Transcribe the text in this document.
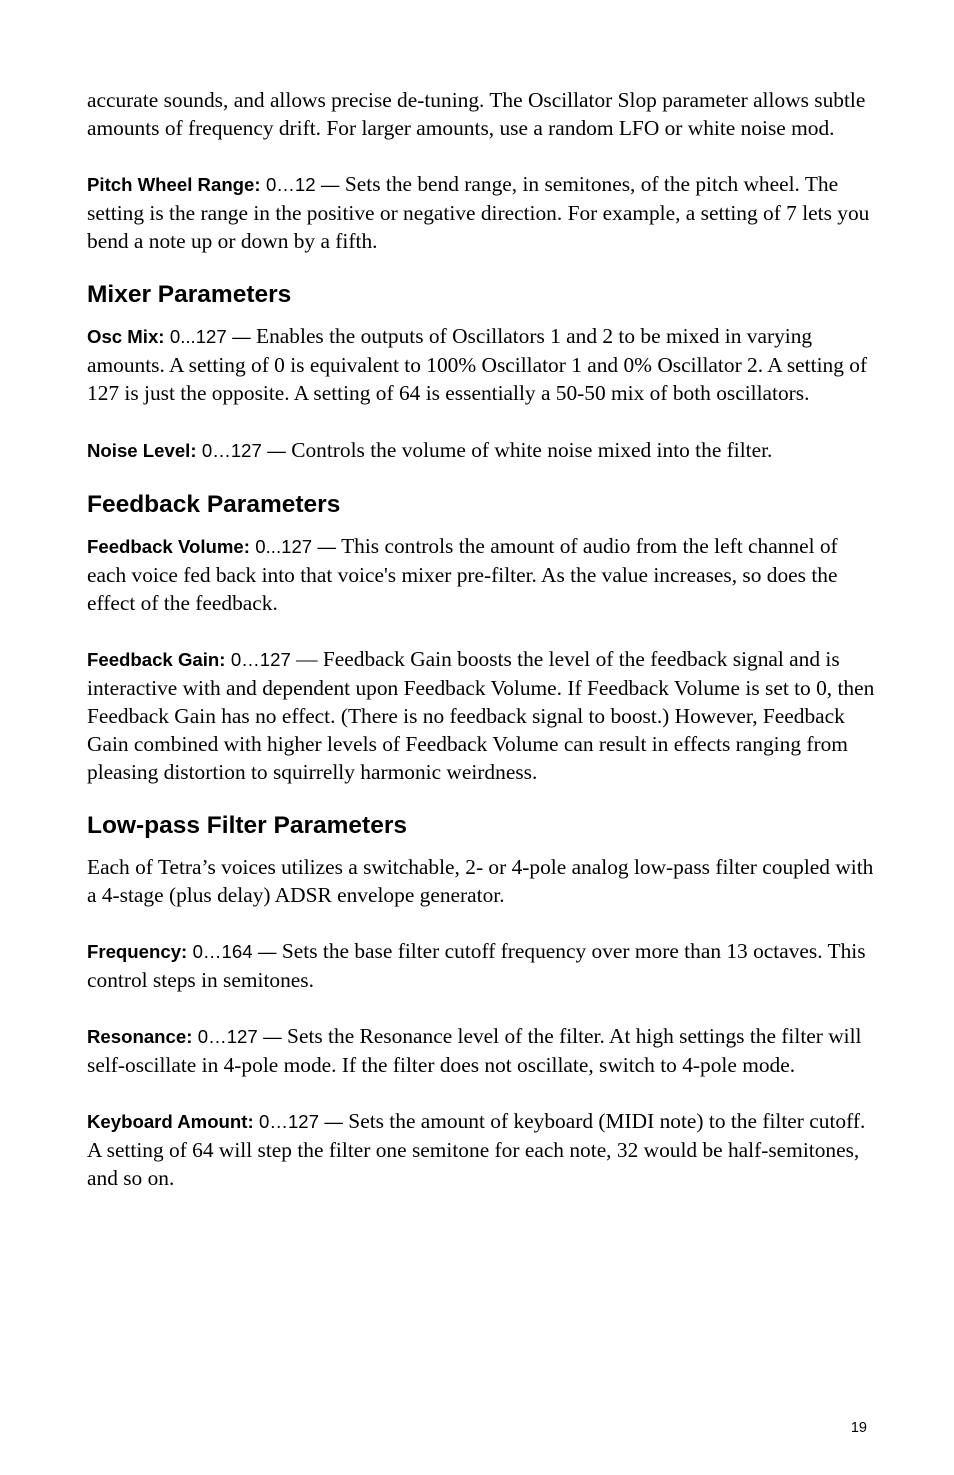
accurate sounds, and allows precise de-tuning. The Oscillator Slop parameter allows subtle amounts of frequency drift. For larger amounts, use a random LFO or white noise mod.

Pitch Wheel Range: 0…12 — Sets the bend range, in semitones, of the pitch wheel. The setting is the range in the positive or negative direction. For example, a setting of 7 lets you bend a note up or down by a fifth.

Mixer Parameters

Osc Mix: 0...127 — Enables the outputs of Oscillators 1 and 2 to be mixed in varying amounts. A setting of 0 is equivalent to 100% Oscillator 1 and 0% Oscillator 2. A setting of 127 is just the opposite. A setting of 64 is essentially a 50-50 mix of both oscillators.

Noise Level: 0…127 — Controls the volume of white noise mixed into the filter.

Feedback Parameters

Feedback Volume: 0...127 — This controls the amount of audio from the left channel of each voice fed back into that voice's mixer pre-filter. As the value increases, so does the effect of the feedback.

Feedback Gain: 0…127 — Feedback Gain boosts the level of the feedback signal and is interactive with and dependent upon Feedback Volume. If Feedback Volume is set to 0, then Feedback Gain has no effect. (There is no feedback signal to boost.) However, Feedback Gain combined with higher levels of Feedback Volume can result in effects ranging from pleasing distortion to squirrelly harmonic weirdness.

Low-pass Filter Parameters

Each of Tetra’s voices utilizes a switchable, 2- or 4-pole analog low-pass filter coupled with a 4-stage (plus delay) ADSR envelope generator.

Frequency: 0…164 — Sets the base filter cutoff frequency over more than 13 octaves. This control steps in semitones.

Resonance: 0…127 — Sets the Resonance level of the filter. At high settings the filter will self-oscillate in 4-pole mode. If the filter does not oscillate, switch to 4-pole mode.

Keyboard Amount: 0…127 — Sets the amount of keyboard (MIDI note) to the filter cutoff. A setting of 64 will step the filter one semitone for each note, 32 would be half-semitones, and so on.

19
